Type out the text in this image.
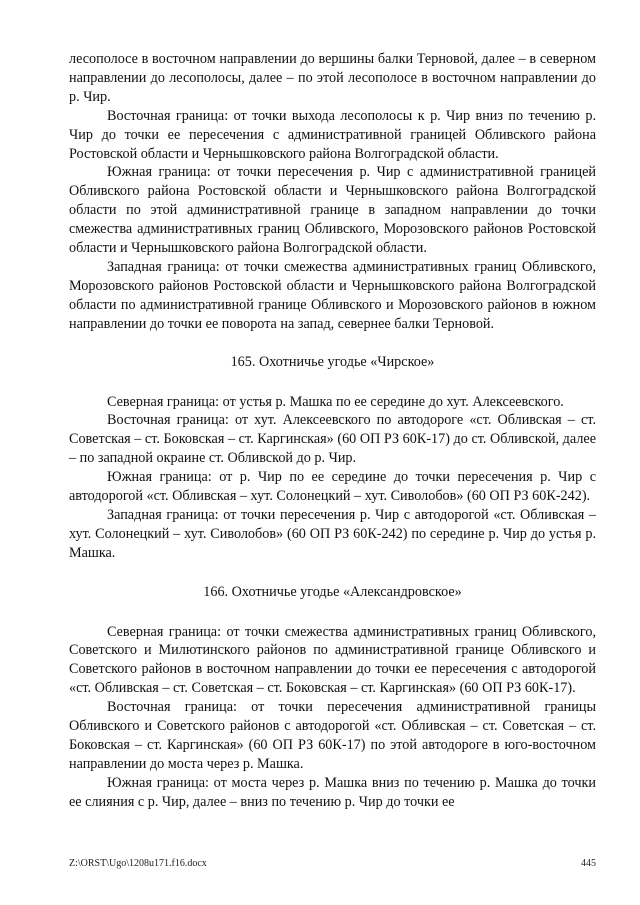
лесополосе в восточном направлении до вершины балки Терновой, далее – в северном направлении до лесополосы, далее – по этой лесополосе в восточном направлении до р. Чир.

Восточная граница: от точки выхода лесополосы к р. Чир вниз по течению р. Чир до точки ее пересечения с административной границей Обливского района Ростовской области и Чернышковского района Волгоградской области.

Южная граница: от точки пересечения р. Чир с административной границей Обливского района Ростовской области и Чернышковского района Волгоградской области по этой административной границе в западном направлении до точки смежества административных границ Обливского, Морозовского районов Ростовской области и Чернышковского района Волгоградской области.

Западная граница: от точки смежества административных границ Обливского, Морозовского районов Ростовской области и Чернышковского района Волгоградской области по административной границе Обливского и Морозовского районов в южном направлении до точки ее поворота на запад, севернее балки Терновой.

165. Охотничье угодье «Чирское»

Северная граница: от устья р. Машка по ее середине до хут. Алексеевского.

Восточная граница: от хут. Алексеевского по автодороге «ст. Обливская – ст. Советская – ст. Боковская – ст. Каргинская» (60 ОП РЗ 60К-17) до ст. Обливской, далее – по западной окраине ст. Обливской до р. Чир.

Южная граница: от р. Чир по ее середине до точки пересечения р. Чир с автодорогой «ст. Обливская – хут. Солонецкий – хут. Сиволобов» (60 ОП РЗ 60К-242).

Западная граница: от точки пересечения р. Чир с автодорогой «ст. Обливская – хут. Солонецкий – хут. Сиволобов» (60 ОП РЗ 60К-242) по середине р. Чир до устья р. Машка.

166. Охотничье угодье «Александровское»

Северная граница: от точки смежества административных границ Обливского, Советского и Милютинского районов по административной границе Обливского и Советского районов в восточном направлении до точки ее пересечения с автодорогой «ст. Обливская – ст. Советская – ст. Боковская – ст. Каргинская» (60 ОП РЗ 60К-17).

Восточная граница: от точки пересечения административной границы Обливского и Советского районов с автодорогой «ст. Обливская – ст. Советская – ст. Боковская – ст. Каргинская» (60 ОП РЗ 60К-17) по этой автодороге в юго-восточном направлении до моста через р. Машка.

Южная граница: от моста через р. Машка вниз по течению р. Машка до точки ее слияния с р. Чир, далее – вниз по течению р. Чир до точки ее

Z:\ORST\Ugo\1208u171.f16.docx	445
